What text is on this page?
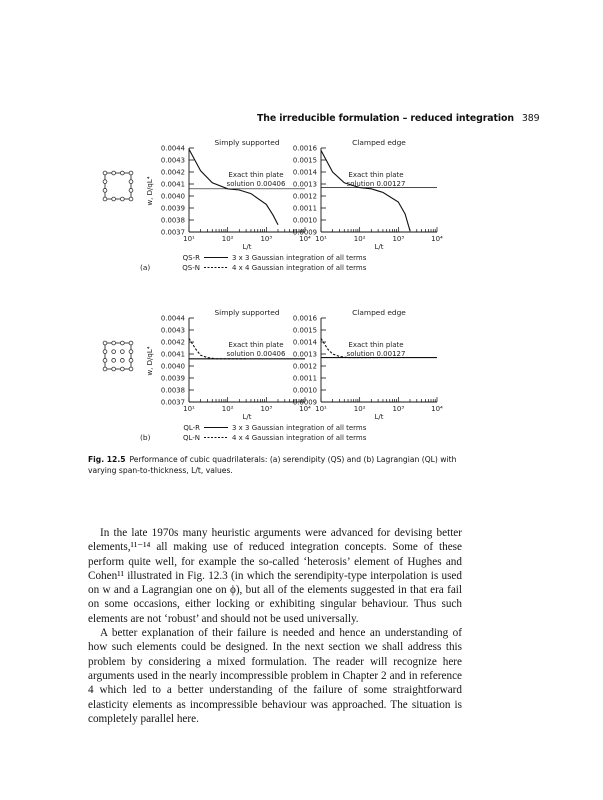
The irreducible formulation – reduced integration 389
w, D/qL⁴
Simply supported
0.0044
0.0043
0.0042
0.0041
0.0040
0.0039
0.0038
0.0037
10¹	10²	10³	10⁴
L/t
Exact thin plate
solution 0.00406
Clamped edge
0.0016
0.0015
0.0014
0.0013
0.0012
0.0011
0.0010
0.0009
10¹	10²	10³	10⁴
L/t
Exact thin plate
solution 0.00127
QS-R	3 x 3 Gaussian integration of all terms
QS-N	4 x 4 Gaussian integration of all terms
(a)
w, D/qL⁴
Simply supported
0.0044
0.0043
0.0042
0.0041
0.0040
0.0039
0.0038
0.0037
10¹	10²	10³	10⁴
L/t
Exact thin plate
solution 0.00406
Clamped edge
0.0016
0.0015
0.0014
0.0013
0.0012
0.0011
0.0010
0.0009
10¹	10²	10³	10⁴
L/t
Exact thin plate
solution 0.00127
QL-R	3 x 3 Gaussian integration of all terms
QL-N	4 x 4 Gaussian integration of all terms
(b)
Fig. 12.5 Performance of cubic quadrilaterals: (a) serendipity (QS) and (b) Lagrangian (QL) with varying span-to-thickness, L/t, values.

In the late 1970s many heuristic arguments were advanced for devising better elements,¹¹⁻¹⁴ all making use of reduced integration concepts. Some of these perform quite well, for example the so-called ‘heterosis’ element of Hughes and Cohen¹¹ illustrated in Fig. 12.3 (in which the serendipity-type interpolation is used on w and a Lagrangian one on ϕ), but all of the elements suggested in that era fail on some occasions, either locking or exhibiting singular behaviour. Thus such elements are not ‘robust’ and should not be used universally.

A better explanation of their failure is needed and hence an understanding of how such elements could be designed. In the next section we shall address this problem by considering a mixed formulation. The reader will recognize here arguments used in the nearly incompressible problem in Chapter 2 and in reference 4 which led to a better understanding of the failure of some straightforward elasticity elements as incompressible behaviour was approached. The situation is completely parallel here.
